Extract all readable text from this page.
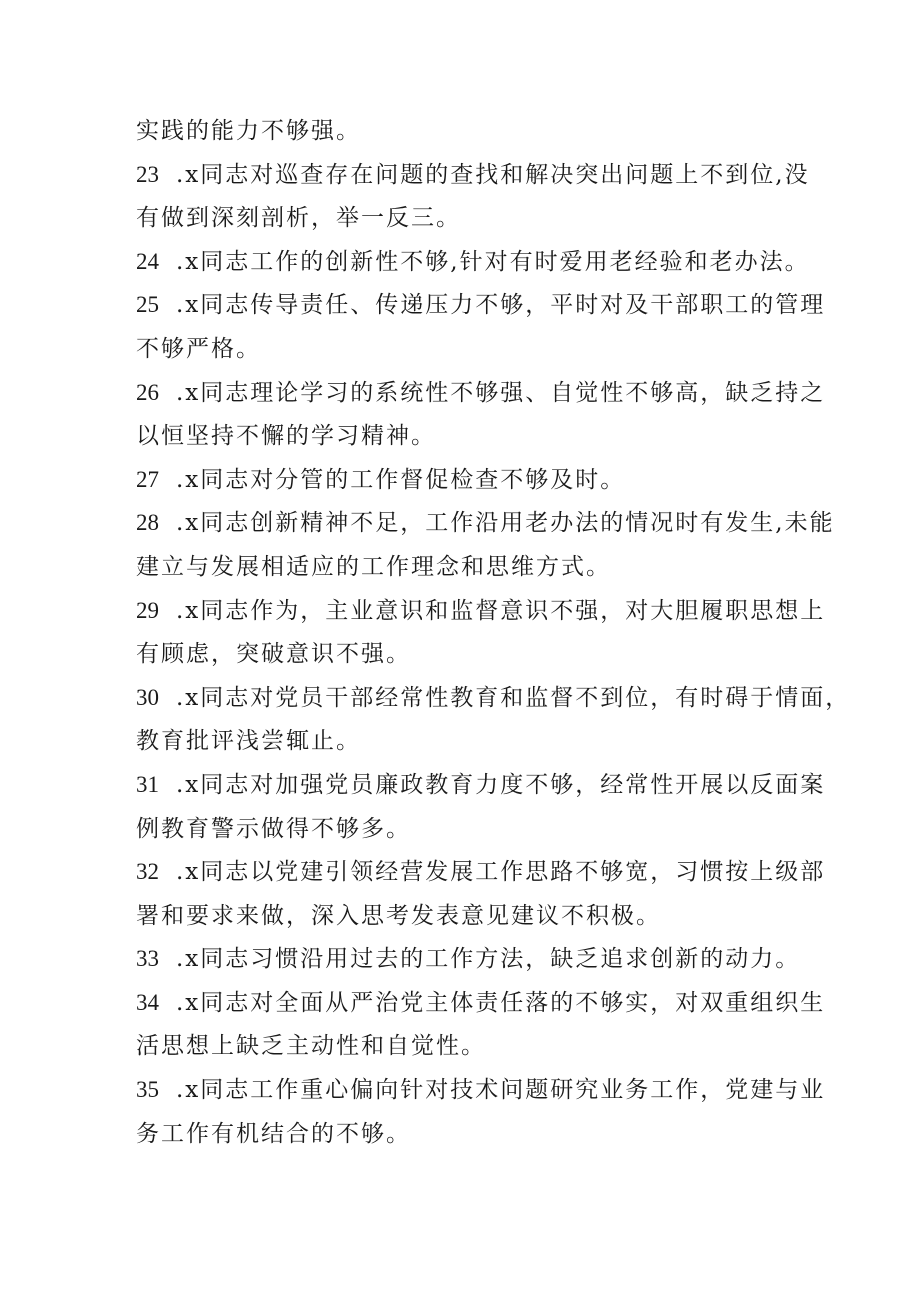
实践的能力不够强。
23 .x同志对巡查存在问题的查找和解决突出问题上不到位,没
有做到深刻剖析，举一反三。
24 .x同志工作的创新性不够,针对有时爱用老经验和老办法。
25 .x同志传导责任、传递压力不够，平时对及干部职工的管理
不够严格。
26 .x同志理论学习的系统性不够强、自觉性不够高，缺乏持之
以恒坚持不懈的学习精神。
27 .x同志对分管的工作督促检查不够及时。
28 .x同志创新精神不足，工作沿用老办法的情况时有发生,未能
建立与发展相适应的工作理念和思维方式。
29 .x同志作为，主业意识和监督意识不强，对大胆履职思想上
有顾虑，突破意识不强。
30 .x同志对党员干部经常性教育和监督不到位，有时碍于情面，
教育批评浅尝辄止。
31 .x同志对加强党员廉政教育力度不够，经常性开展以反面案
例教育警示做得不够多。
32 .x同志以党建引领经营发展工作思路不够宽，习惯按上级部
署和要求来做，深入思考发表意见建议不积极。
33 .x同志习惯沿用过去的工作方法，缺乏追求创新的动力。
34 .x同志对全面从严治党主体责任落的不够实，对双重组织生
活思想上缺乏主动性和自觉性。
35 .x同志工作重心偏向针对技术问题研究业务工作，党建与业
务工作有机结合的不够。
